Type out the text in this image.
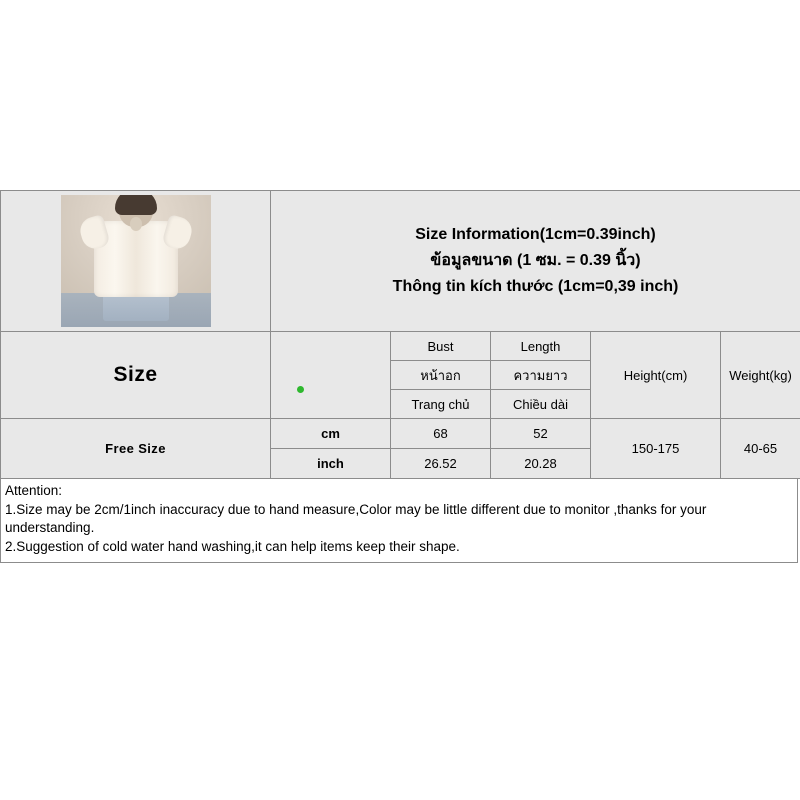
	Size Information(1cm=0.39inch)
ข้อมูลขนาด (1 ซม. = 0.39 นิ้ว)
Thông tin kích thước (1cm=0,39 inch)				

Size		Bust	Length	Height(cm)	Weight(kg)
		หน้าอก	ความยาว		
		Trang chủ	Chiều dài		
Free Size	cm	68	52	150-175	40-65
	inch	26.52	20.28		
Attention:
1.Size may be 2cm/1inch inaccuracy due to hand measure,Color may be little different due to monitor ,thanks for your understanding.
2.Suggestion of cold water hand washing,it can help items keep their shape.
